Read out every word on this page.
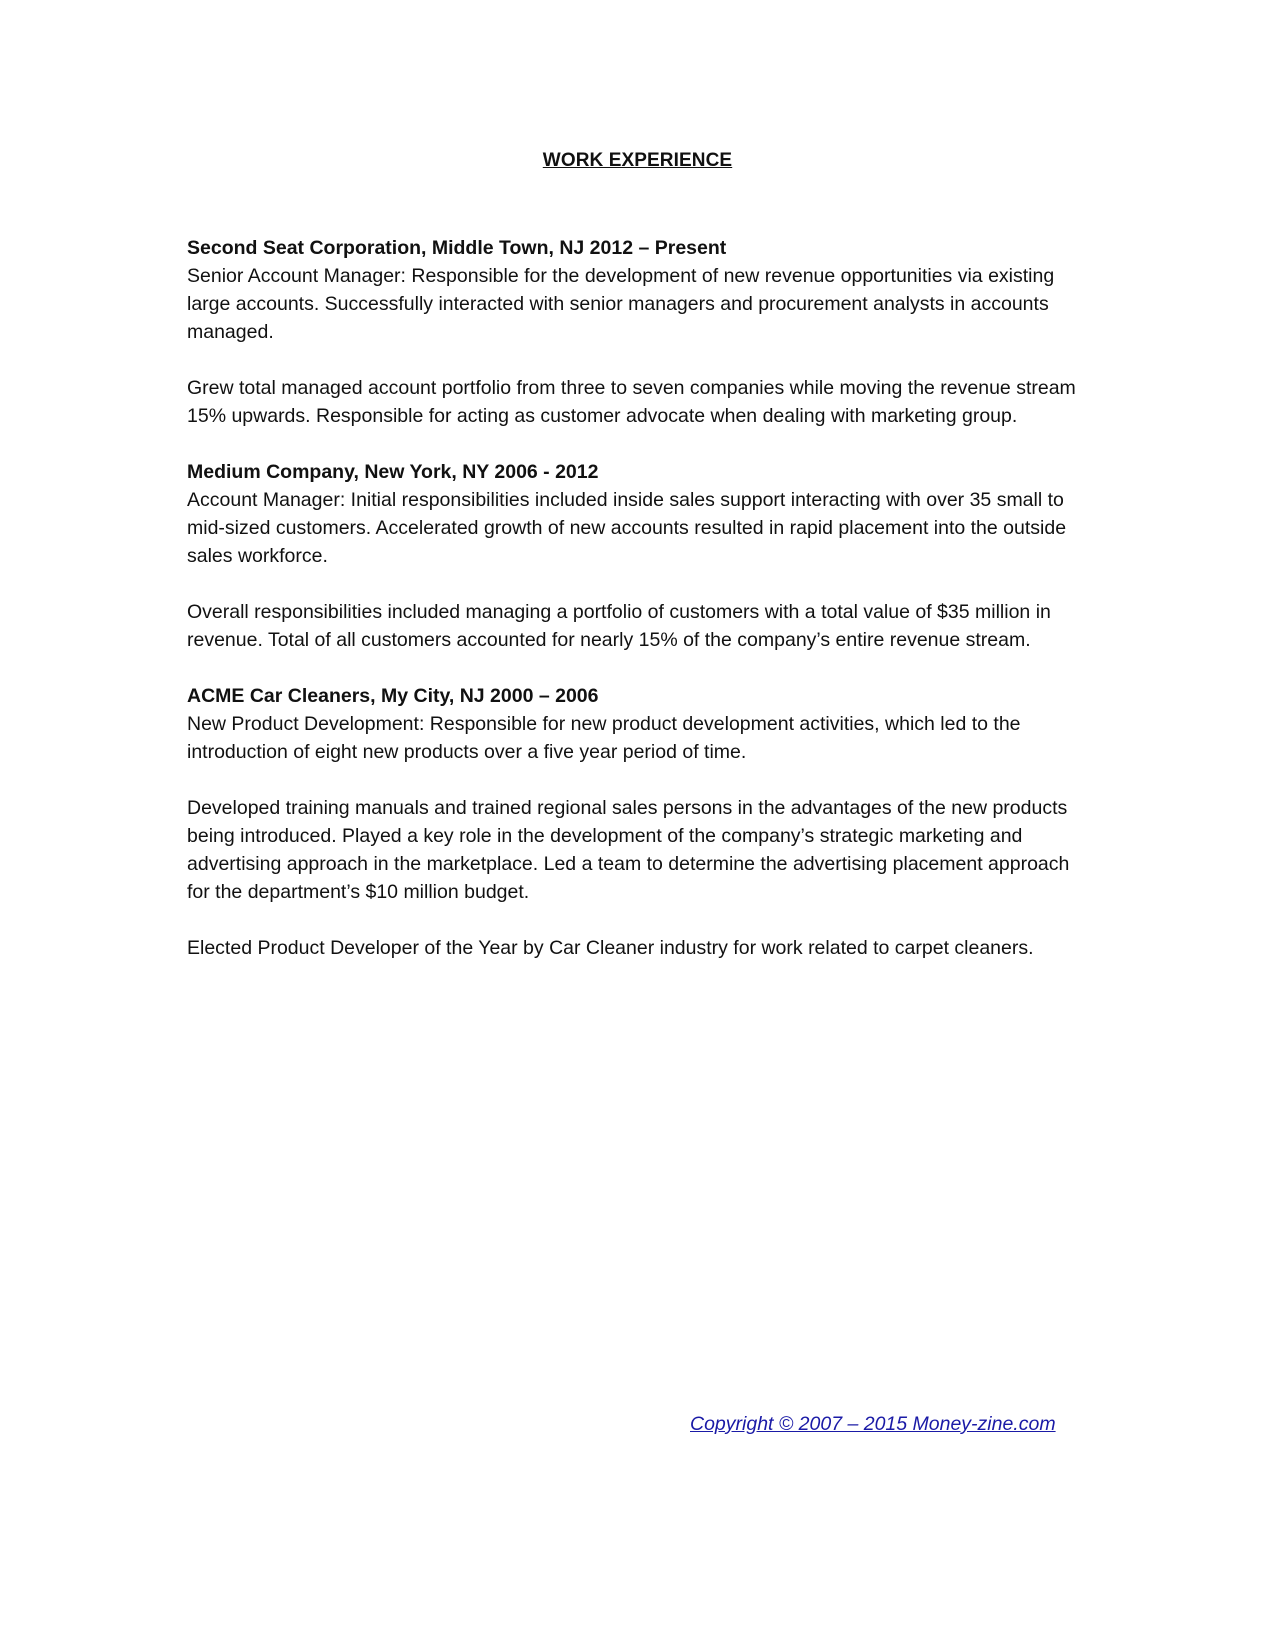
WORK EXPERIENCE
Second Seat Corporation, Middle Town, NJ 2012 – Present
Senior Account Manager: Responsible for the development of new revenue opportunities via existing large accounts. Successfully interacted with senior managers and procurement analysts in accounts managed.
Grew total managed account portfolio from three to seven companies while moving the revenue stream 15% upwards. Responsible for acting as customer advocate when dealing with marketing group.
Medium Company, New York, NY 2006 - 2012
Account Manager: Initial responsibilities included inside sales support interacting with over 35 small to mid-sized customers. Accelerated growth of new accounts resulted in rapid placement into the outside sales workforce.
Overall responsibilities included managing a portfolio of customers with a total value of $35 million in revenue. Total of all customers accounted for nearly 15% of the company’s entire revenue stream.
ACME Car Cleaners, My City, NJ 2000 – 2006
New Product Development: Responsible for new product development activities, which led to the introduction of eight new products over a five year period of time.
Developed training manuals and trained regional sales persons in the advantages of the new products being introduced. Played a key role in the development of the company’s strategic marketing and advertising approach in the marketplace. Led a team to determine the advertising placement approach for the department’s $10 million budget.
Elected Product Developer of the Year by Car Cleaner industry for work related to carpet cleaners.
Copyright © 2007 – 2015 Money-zine.com
